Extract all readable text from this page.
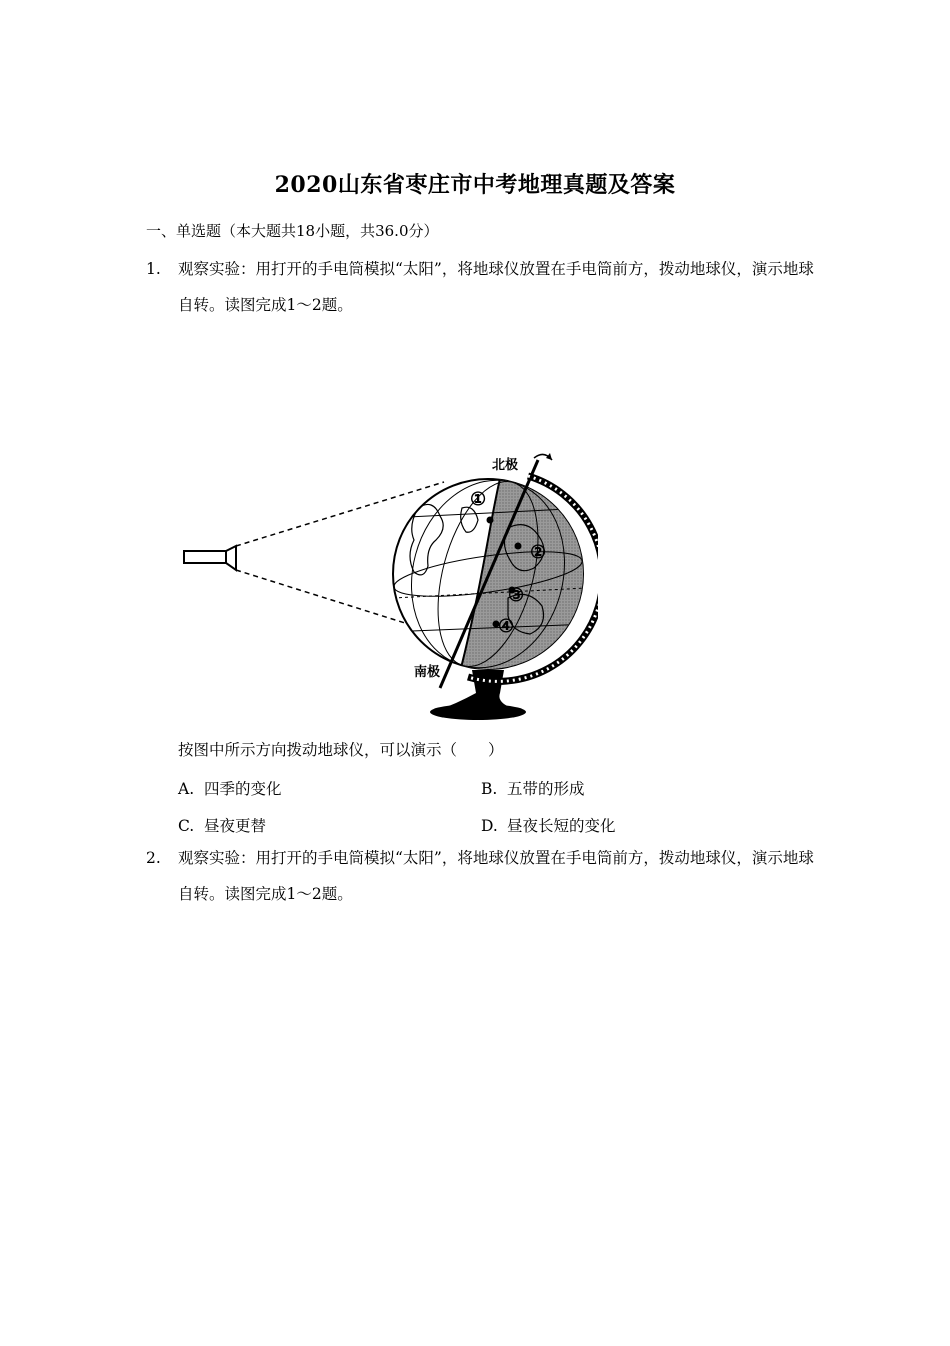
2020山东省枣庄市中考地理真题及答案
一、单选题（本大题共18小题，共36.0分）
1. 观察实验：用打开的手电筒模拟“太阳”，将地球仪放置在手电筒前方，拨动地球仪，演示地球自转。读图完成1～2题。
北极
南极
①
②
③
④
按图中所示方向拨动地球仪，可以演示（　　）
A. 四季的变化	B. 五带的形成
C. 昼夜更替	D. 昼夜长短的变化
2. 观察实验：用打开的手电筒模拟“太阳”，将地球仪放置在手电筒前方，拨动地球仪，演示地球自转。读图完成1～2题。
